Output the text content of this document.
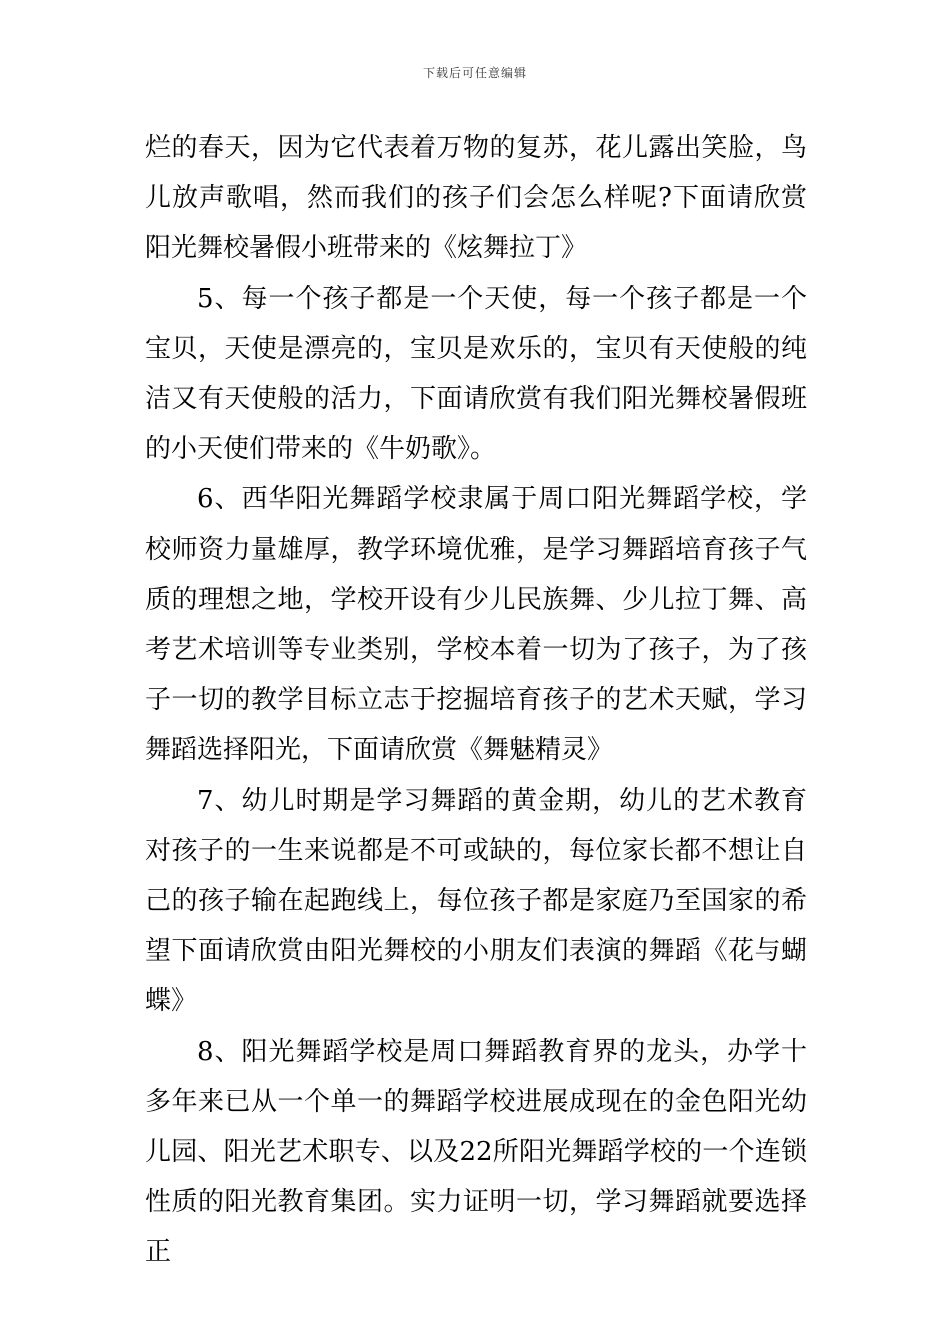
下载后可任意编辑

烂的春天，因为它代表着万物的复苏，花儿露出笑脸，鸟儿放声歌唱，然而我们的孩子们会怎么样呢?下面请欣赏阳光舞校暑假小班带来的《炫舞拉丁》

5、每一个孩子都是一个天使，每一个孩子都是一个宝贝，天使是漂亮的，宝贝是欢乐的，宝贝有天使般的纯洁又有天使般的活力，下面请欣赏有我们阳光舞校暑假班的小天使们带来的《牛奶歌》。

6、西华阳光舞蹈学校隶属于周口阳光舞蹈学校，学校师资力量雄厚，教学环境优雅，是学习舞蹈培育孩子气质的理想之地，学校开设有少儿民族舞、少儿拉丁舞、高考艺术培训等专业类别，学校本着一切为了孩子，为了孩子一切的教学目标立志于挖掘培育孩子的艺术天赋，学习舞蹈选择阳光，下面请欣赏《舞魅精灵》

7、幼儿时期是学习舞蹈的黄金期，幼儿的艺术教育对孩子的一生来说都是不可或缺的，每位家长都不想让自己的孩子输在起跑线上，每位孩子都是家庭乃至国家的希望下面请欣赏由阳光舞校的小朋友们表演的舞蹈《花与蝴蝶》

8、阳光舞蹈学校是周口舞蹈教育界的龙头，办学十多年来已从一个单一的舞蹈学校进展成现在的金色阳光幼儿园、阳光艺术职专、以及22所阳光舞蹈学校的一个连锁性质的阳光教育集团。实力证明一切，学习舞蹈就要选择正
